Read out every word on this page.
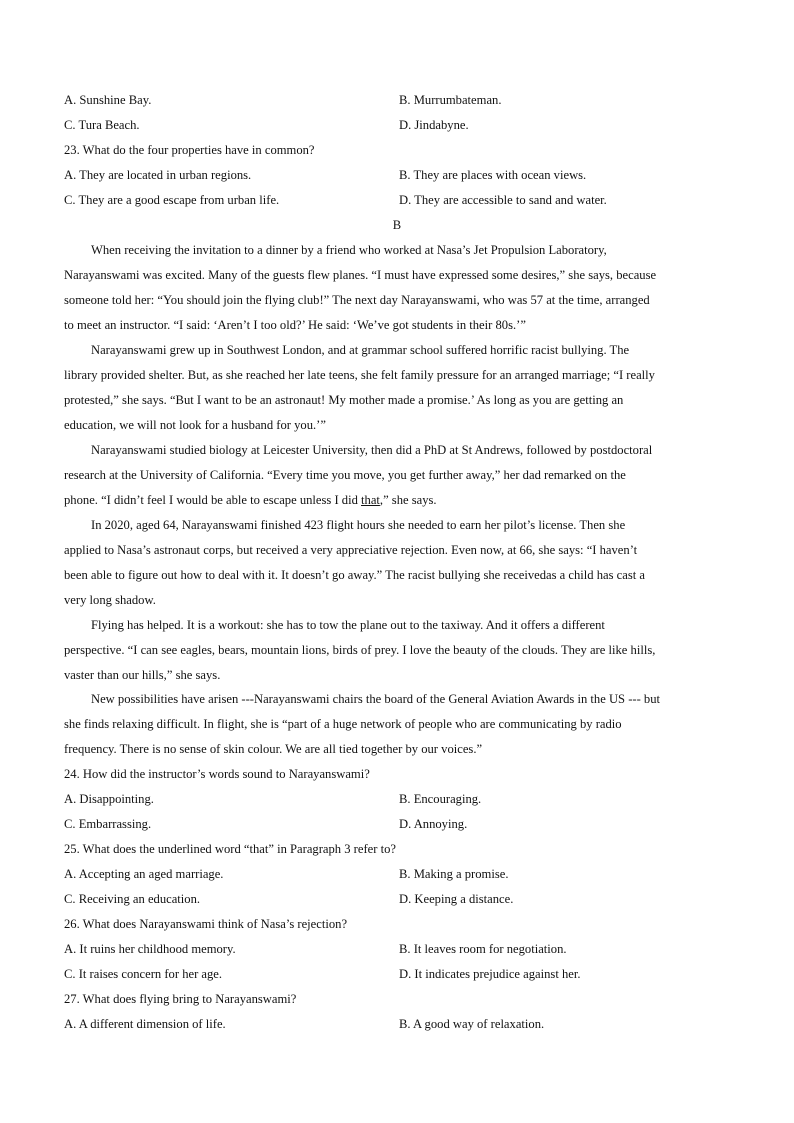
A. Sunshine Bay.	B. Murrumbateman.
C. Tura Beach.	D. Jindabyne.
23. What do the four properties have in common?
A. They are located in urban regions.	B. They are places with ocean views.
C. They are a good escape from urban life.	D. They are accessible to sand and water.
B
When receiving the invitation to a dinner by a friend who worked at Nasa’s Jet Propulsion Laboratory,
Narayanswami was excited. Many of the guests flew planes. “I must have expressed some desires,” she says, because
someone told her: “You should join the flying club!” The next day Narayanswami, who was 57 at the time, arranged
to meet an instructor. “I said: ‘Aren’t I too old?’ He said: ‘We’ve got students in their 80s.’”
Narayanswami grew up in Southwest London, and at grammar school suffered horrific racist bullying. The
library provided shelter. But, as she reached her late teens, she felt family pressure for an arranged marriage; “I really
protested,” she says. “But I want to be an astronaut! My mother made a promise.’ As long as you are getting an
education, we will not look for a husband for you.’”
Narayanswami studied biology at Leicester University, then did a PhD at St Andrews, followed by postdoctoral
research at the University of California. “Every time you move, you get further away,” her dad remarked on the
phone. “I didn’t feel I would be able to escape unless I did that,” she says.
In 2020, aged 64, Narayanswami finished 423 flight hours she needed to earn her pilot’s license. Then she
applied to Nasa’s astronaut corps, but received a very appreciative rejection. Even now, at 66, she says: “I haven’t
been able to figure out how to deal with it. It doesn’t go away.” The racist bullying she receivedas a child has cast a
very long shadow.
Flying has helped. It is a workout: she has to tow the plane out to the taxiway. And it offers a different
perspective. “I can see eagles, bears, mountain lions, birds of prey. I love the beauty of the clouds. They are like hills,
vaster than our hills,” she says.
New possibilities have arisen ---Narayanswami chairs the board of the General Aviation Awards in the US --- but
she finds relaxing difficult. In flight, she is “part of a huge network of people who are communicating by radio
frequency. There is no sense of skin colour. We are all tied together by our voices.”
24. How did the instructor’s words sound to Narayanswami?
A. Disappointing.	B. Encouraging.
C. Embarrassing.	D. Annoying.
25. What does the underlined word “that” in Paragraph 3 refer to?
A. Accepting an aged marriage.	B. Making a promise.
C. Receiving an education.	D. Keeping a distance.
26. What does Narayanswami think of Nasa’s rejection?
A. It ruins her childhood memory.	B. It leaves room for negotiation.
C. It raises concern for her age.	D. It indicates prejudice against her.
27. What does flying bring to Narayanswami?
A. A different dimension of life.	B. A good way of relaxation.
